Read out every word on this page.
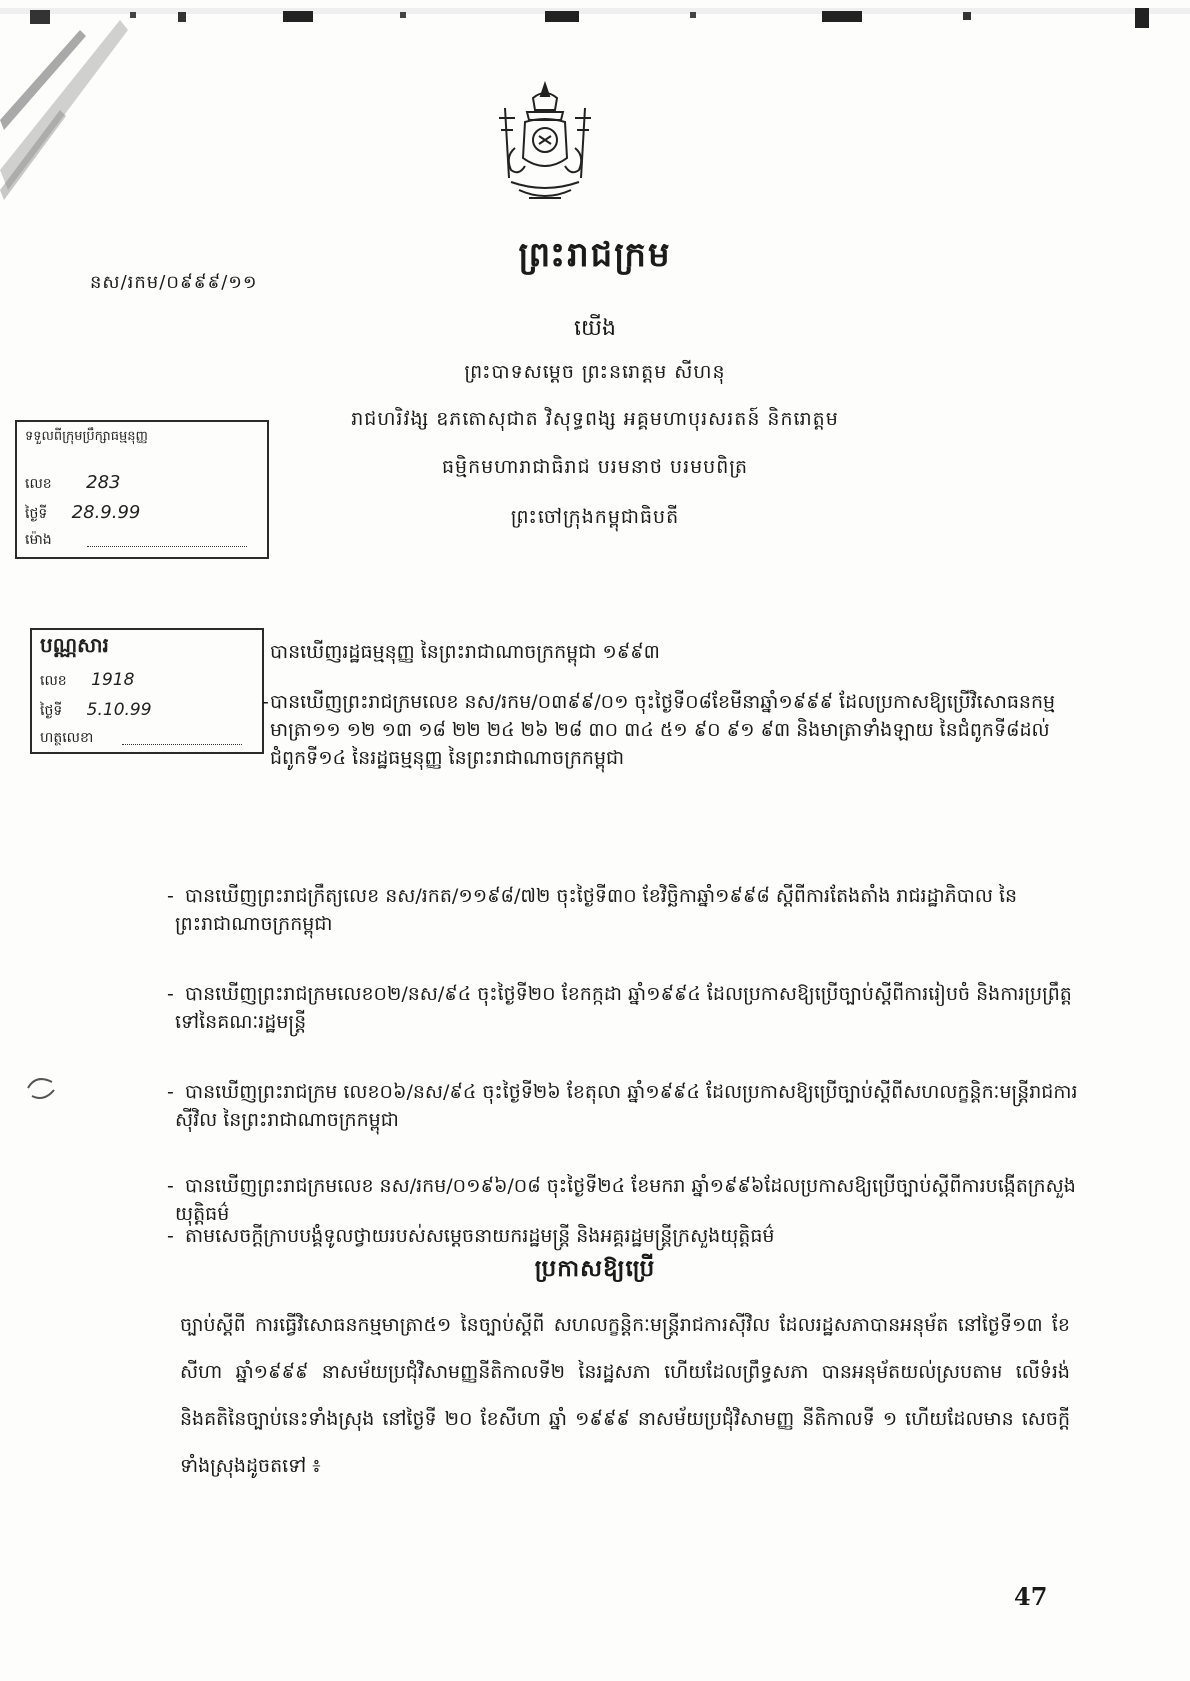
ព្រះរាជក្រម
នស/រកម/០៩៩៩/១១
យើង
ព្រះបាទសម្តេច ព្រះនរោត្តម សីហនុ
រាជហរិវង្ស ឧភតោសុជាត វិសុទ្ធពង្ស អគ្គមហាបុរសរតន៍ និករោត្តម
ធម្មិកមហារាជាធិរាជ បរមនាថ បរមបពិត្រ
ព្រះចៅក្រុងកម្ពុជាធិបតី
ទទួលពីក្រុមប្រឹក្សាធម្មនុញ្ញ
លេខ 283
ថ្ងៃទី 28.9.99
ម៉ោង
បណ្ណសារ
លេខ 1918
ថ្ងៃទី 5.10.99
ហត្ថលេខា
បានឃើញរដ្ឋធម្មនុញ្ញ នៃព្រះរាជាណាចក្រកម្ពុជា ១៩៩៣
- បានឃើញព្រះរាជក្រមលេខ នស/រកម/០៣៩៩/០១ ចុះថ្ងៃទី០៨ខែមីនាឆ្នាំ១៩៩៩ ដែលប្រកាសឱ្យប្រើវិសោធនកម្មមាត្រា១១ ១២ ១៣ ១៨ ២២ ២៤ ២៦ ២៨ ៣០ ៣៤ ៥១ ៩០ ៩១ ៩៣ និងមាត្រាទាំងឡាយ នៃជំពូកទី៨ដល់ជំពូកទី១៤ នៃរដ្ឋធម្មនុញ្ញ នៃព្រះរាជាណាចក្រកម្ពុជា
- បានឃើញព្រះរាជក្រឹត្យលេខ នស/រកត/១១៩៨/៧២ ចុះថ្ងៃទី៣០ ខែវិច្ឆិកាឆ្នាំ១៩៩៨ ស្តីពីការតែងតាំង រាជរដ្ឋាភិបាល នៃព្រះរាជាណាចក្រកម្ពុជា
- បានឃើញព្រះរាជក្រមលេខ០២/នស/៩៤ ចុះថ្ងៃទី២០ ខែកក្កដា ឆ្នាំ១៩៩៤ ដែលប្រកាសឱ្យប្រើច្បាប់ស្តីពីការរៀបចំ និងការប្រព្រឹត្តទៅនៃគណៈរដ្ឋមន្ត្រី
- បានឃើញព្រះរាជក្រម លេខ០៦/នស/៩៤ ចុះថ្ងៃទី២៦ ខែតុលា ឆ្នាំ១៩៩៤ ដែលប្រកាសឱ្យប្រើច្បាប់ស្តីពីសហលក្ខន្តិកៈមន្ត្រីរាជការស៊ីវិល នៃព្រះរាជាណាចក្រកម្ពុជា
- បានឃើញព្រះរាជក្រមលេខ នស/រកម/០១៩៦/០៨ ចុះថ្ងៃទី២៤ ខែមករា ឆ្នាំ១៩៩៦ដែលប្រកាសឱ្យប្រើច្បាប់ស្តីពីការបង្កើតក្រសួងយុត្តិធម៌
- តាមសេចក្តីក្រាបបង្គំទូលថ្វាយរបស់សម្តេចនាយករដ្ឋមន្ត្រី និងអគ្គរដ្ឋមន្ត្រីក្រសួងយុត្តិធម៌
ប្រកាសឱ្យប្រើ
ច្បាប់ស្តីពី ការធ្វើវិសោធនកម្មមាត្រា៥១ នៃច្បាប់ស្តីពី សហលក្ខន្តិកៈមន្ត្រីរាជការស៊ីវិល ដែលរដ្ឋសភាបានអនុម័ត នៅថ្ងៃទី១៣ ខែសីហា ឆ្នាំ១៩៩៩ នាសម័យប្រជុំវិសាមញ្ញនីតិកាលទី២ នៃរដ្ឋសភា ហើយដែលព្រឹទ្ធសភា បានអនុម័តយល់ស្របតាម លើទំរង់និងគតិនៃច្បាប់នេះទាំងស្រុង នៅថ្ងៃទី ២០ ខែសីហា ឆ្នាំ ១៩៩៩ នាសម័យប្រជុំវិសាមញ្ញ នីតិកាលទី ១ ហើយដែលមាន សេចក្តីទាំងស្រុងដូចតទៅ ៖
47
